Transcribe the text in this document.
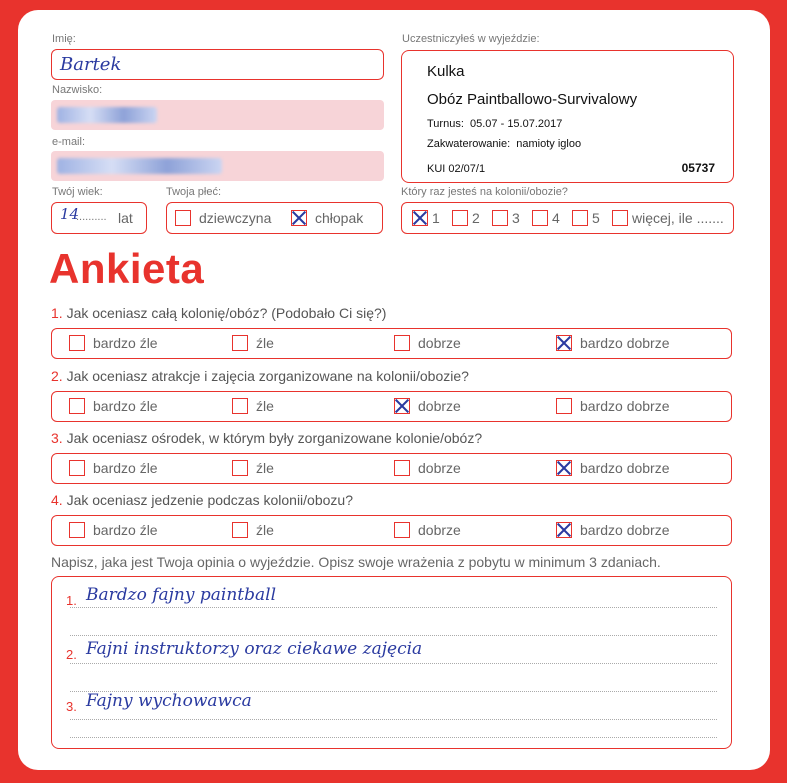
Imię:
Bartek
Nazwisko:
e-mail:
Twój wiek:
14
.......... lat
Twoja płeć:
dziewczyna	chłopak
Uczestniczyłeś w wyjeździe:
Kulka
Obóz Paintballowo-Survivalowy
Turnus: 05.07 - 15.07.2017
Zakwaterowanie: namioty igloo
KUI 02/07/1	05737
Który raz jesteś na kolonii/obozie?
1 2 3 4 5 więcej, ile .......
Ankieta
1. Jak oceniasz całą kolonię/obóz? (Podobało Ci się?)
bardzo źle	źle	dobrze	bardzo dobrze
2. Jak oceniasz atrakcje i zajęcia zorganizowane na kolonii/obozie?
bardzo źle	źle	dobrze	bardzo dobrze
3. Jak oceniasz ośrodek, w którym były zorganizowane kolonie/obóz?
bardzo źle	źle	dobrze	bardzo dobrze
4. Jak oceniasz jedzenie podczas kolonii/obozu?
bardzo źle	źle	dobrze	bardzo dobrze
Napisz, jaka jest Twoja opinia o wyjeździe. Opisz swoje wrażenia z pobytu w minimum 3 zdaniach.
1. Bardzo fajny paintball
2. Fajni instruktorzy oraz ciekawe zajęcia
3. Fajny wychowawca
